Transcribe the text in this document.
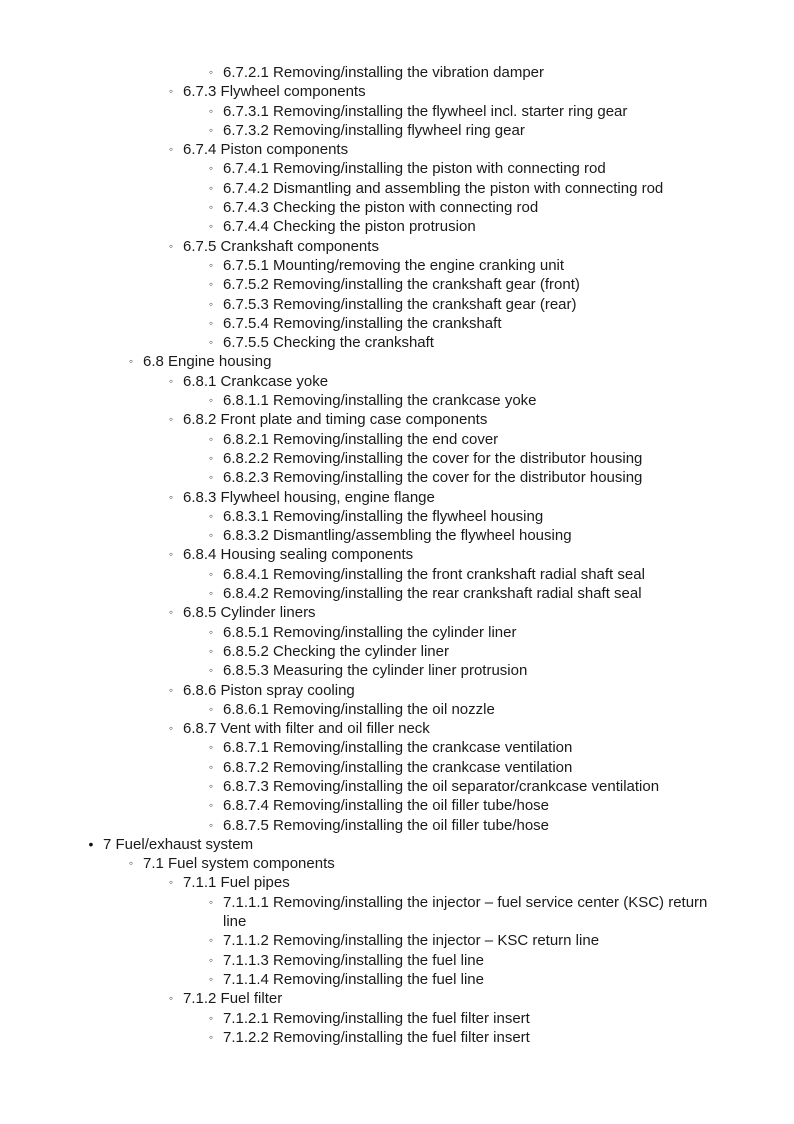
◦ 6.7.2.1 Removing/installing the vibration damper
◦ 6.7.3 Flywheel components
◦ 6.7.3.1 Removing/installing the flywheel incl. starter ring gear
◦ 6.7.3.2 Removing/installing flywheel ring gear
◦ 6.7.4 Piston components
◦ 6.7.4.1 Removing/installing the piston with connecting rod
◦ 6.7.4.2 Dismantling and assembling the piston with connecting rod
◦ 6.7.4.3 Checking the piston with connecting rod
◦ 6.7.4.4 Checking the piston protrusion
◦ 6.7.5 Crankshaft components
◦ 6.7.5.1 Mounting/removing the engine cranking unit
◦ 6.7.5.2 Removing/installing the crankshaft gear (front)
◦ 6.7.5.3 Removing/installing the crankshaft gear (rear)
◦ 6.7.5.4 Removing/installing the crankshaft
◦ 6.7.5.5 Checking the crankshaft
◦ 6.8 Engine housing
◦ 6.8.1 Crankcase yoke
◦ 6.8.1.1 Removing/installing the crankcase yoke
◦ 6.8.2 Front plate and timing case components
◦ 6.8.2.1 Removing/installing the end cover
◦ 6.8.2.2 Removing/installing the cover for the distributor housing
◦ 6.8.2.3 Removing/installing the cover for the distributor housing
◦ 6.8.3 Flywheel housing, engine flange
◦ 6.8.3.1 Removing/installing the flywheel housing
◦ 6.8.3.2 Dismantling/assembling the flywheel housing
◦ 6.8.4 Housing sealing components
◦ 6.8.4.1 Removing/installing the front crankshaft radial shaft seal
◦ 6.8.4.2 Removing/installing the rear crankshaft radial shaft seal
◦ 6.8.5 Cylinder liners
◦ 6.8.5.1 Removing/installing the cylinder liner
◦ 6.8.5.2 Checking the cylinder liner
◦ 6.8.5.3 Measuring the cylinder liner protrusion
◦ 6.8.6 Piston spray cooling
◦ 6.8.6.1 Removing/installing the oil nozzle
◦ 6.8.7 Vent with filter and oil filler neck
◦ 6.8.7.1 Removing/installing the crankcase ventilation
◦ 6.8.7.2 Removing/installing the crankcase ventilation
◦ 6.8.7.3 Removing/installing the oil separator/crankcase ventilation
◦ 6.8.7.4 Removing/installing the oil filler tube/hose
◦ 6.8.7.5 Removing/installing the oil filler tube/hose
• 7 Fuel/exhaust system
◦ 7.1 Fuel system components
◦ 7.1.1 Fuel pipes
◦ 7.1.1.1 Removing/installing the injector – fuel service center (KSC) return line
◦ 7.1.1.2 Removing/installing the injector – KSC return line
◦ 7.1.1.3 Removing/installing the fuel line
◦ 7.1.1.4 Removing/installing the fuel line
◦ 7.1.2 Fuel filter
◦ 7.1.2.1 Removing/installing the fuel filter insert
◦ 7.1.2.2 Removing/installing the fuel filter insert
